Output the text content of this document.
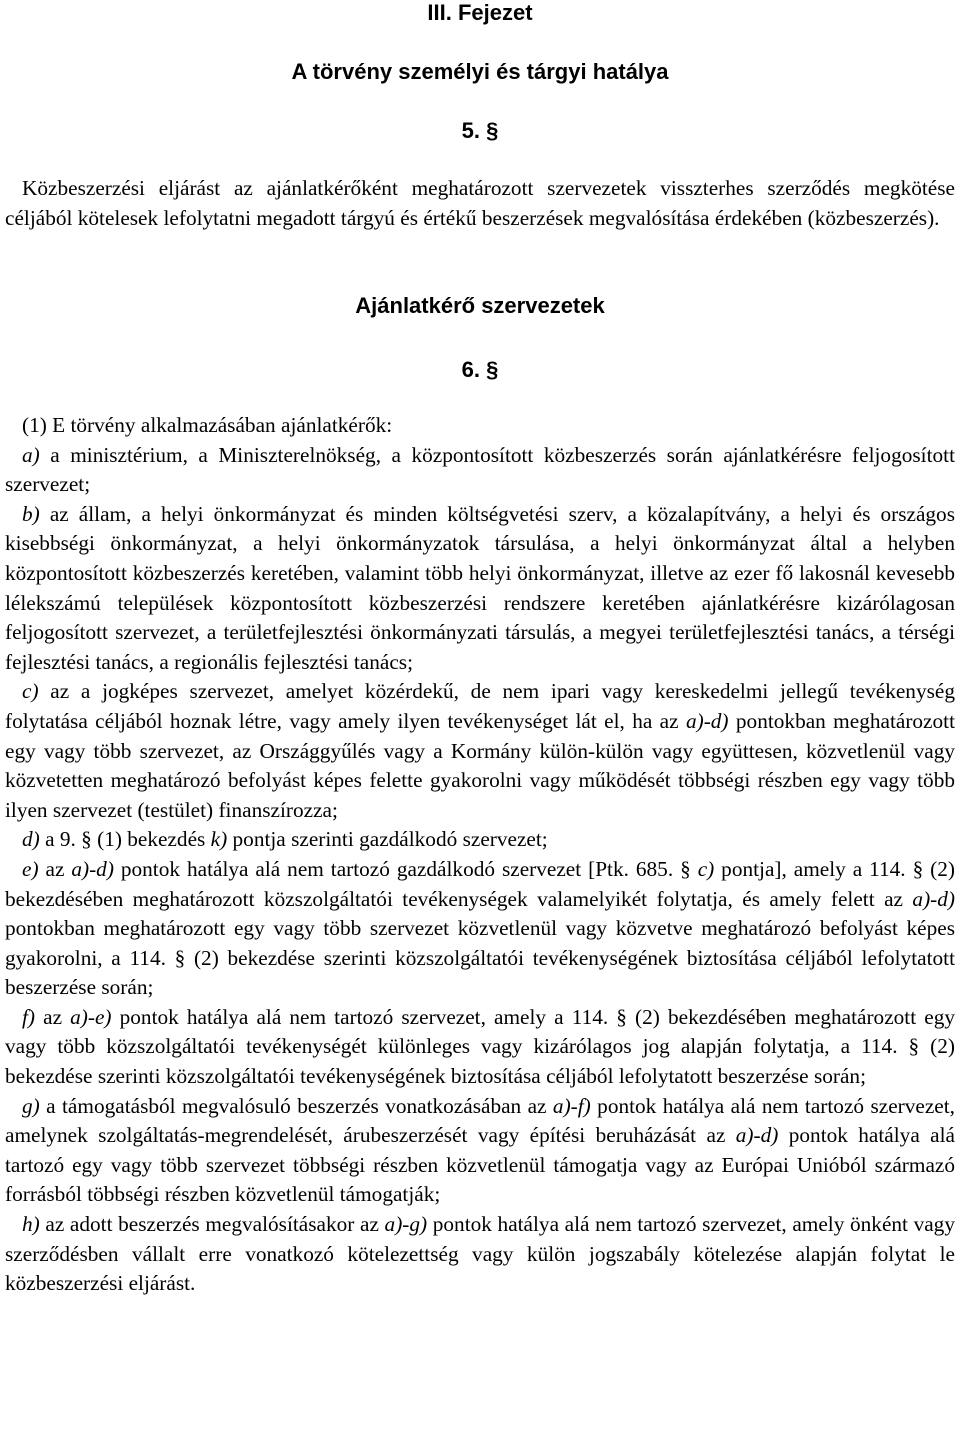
III. Fejezet
A törvény személyi és tárgyi hatálya
5. §
Közbeszerzési eljárást az ajánlatkérőként meghatározott szervezetek visszterhes szerződés megkötése céljából kötelesek lefolytatni megadott tárgyú és értékű beszerzések megvalósítása érdekében (közbeszerzés).
Ajánlatkérő szervezetek
6. §

(1) E törvény alkalmazásában ajánlatkérők:

a) a minisztérium, a Miniszterelnökség, a központosított közbeszerzés során ajánlatkérésre feljogosított szervezet;

b) az állam, a helyi önkormányzat és minden költségvetési szerv, a közalapítvány, a helyi és országos kisebbségi önkormányzat, a helyi önkormányzatok társulása, a helyi önkormányzat által a helyben központosított közbeszerzés keretében, valamint több helyi önkormányzat, illetve az ezer fő lakosnál kevesebb lélekszámú települések központosított közbeszerzési rendszere keretében ajánlatkérésre kizárólagosan feljogosított szervezet, a területfejlesztési önkormányzati társulás, a megyei területfejlesztési tanács, a térségi fejlesztési tanács, a regionális fejlesztési tanács;

c) az a jogképes szervezet, amelyet közérdekű, de nem ipari vagy kereskedelmi jellegű tevékenység folytatása céljából hoznak létre, vagy amely ilyen tevékenységet lát el, ha az a)-d) pontokban meghatározott egy vagy több szervezet, az Országgyűlés vagy a Kormány külön-külön vagy együttesen, közvetlenül vagy közvetetten meghatározó befolyást képes felette gyakorolni vagy működését többségi részben egy vagy több ilyen szervezet (testület) finanszírozza;

d) a 9. § (1) bekezdés k) pontja szerinti gazdálkodó szervezet;

e) az a)-d) pontok hatálya alá nem tartozó gazdálkodó szervezet [Ptk. 685. § c) pontja], amely a 114. § (2) bekezdésében meghatározott közszolgáltatói tevékenységek valamelyikét folytatja, és amely felett az a)-d) pontokban meghatározott egy vagy több szervezet közvetlenül vagy közvetve meghatározó befolyást képes gyakorolni, a 114. § (2) bekezdése szerinti közszolgáltatói tevékenységének biztosítása céljából lefolytatott beszerzése során;

f) az a)-e) pontok hatálya alá nem tartozó szervezet, amely a 114. § (2) bekezdésében meghatározott egy vagy több közszolgáltatói tevékenységét különleges vagy kizárólagos jog alapján folytatja, a 114. § (2) bekezdése szerinti közszolgáltatói tevékenységének biztosítása céljából lefolytatott beszerzése során;

g) a támogatásból megvalósuló beszerzés vonatkozásában az a)-f) pontok hatálya alá nem tartozó szervezet, amelynek szolgáltatás-megrendelését, árubeszerzését vagy építési beruházását az a)-d) pontok hatálya alá tartozó egy vagy több szervezet többségi részben közvetlenül támogatja vagy az Európai Unióból származó forrásból többségi részben közvetlenül támogatják;

h) az adott beszerzés megvalósításakor az a)-g) pontok hatálya alá nem tartozó szervezet, amely önként vagy szerződésben vállalt erre vonatkozó kötelezettség vagy külön jogszabály kötelezése alapján folytat le közbeszerzési eljárást.
